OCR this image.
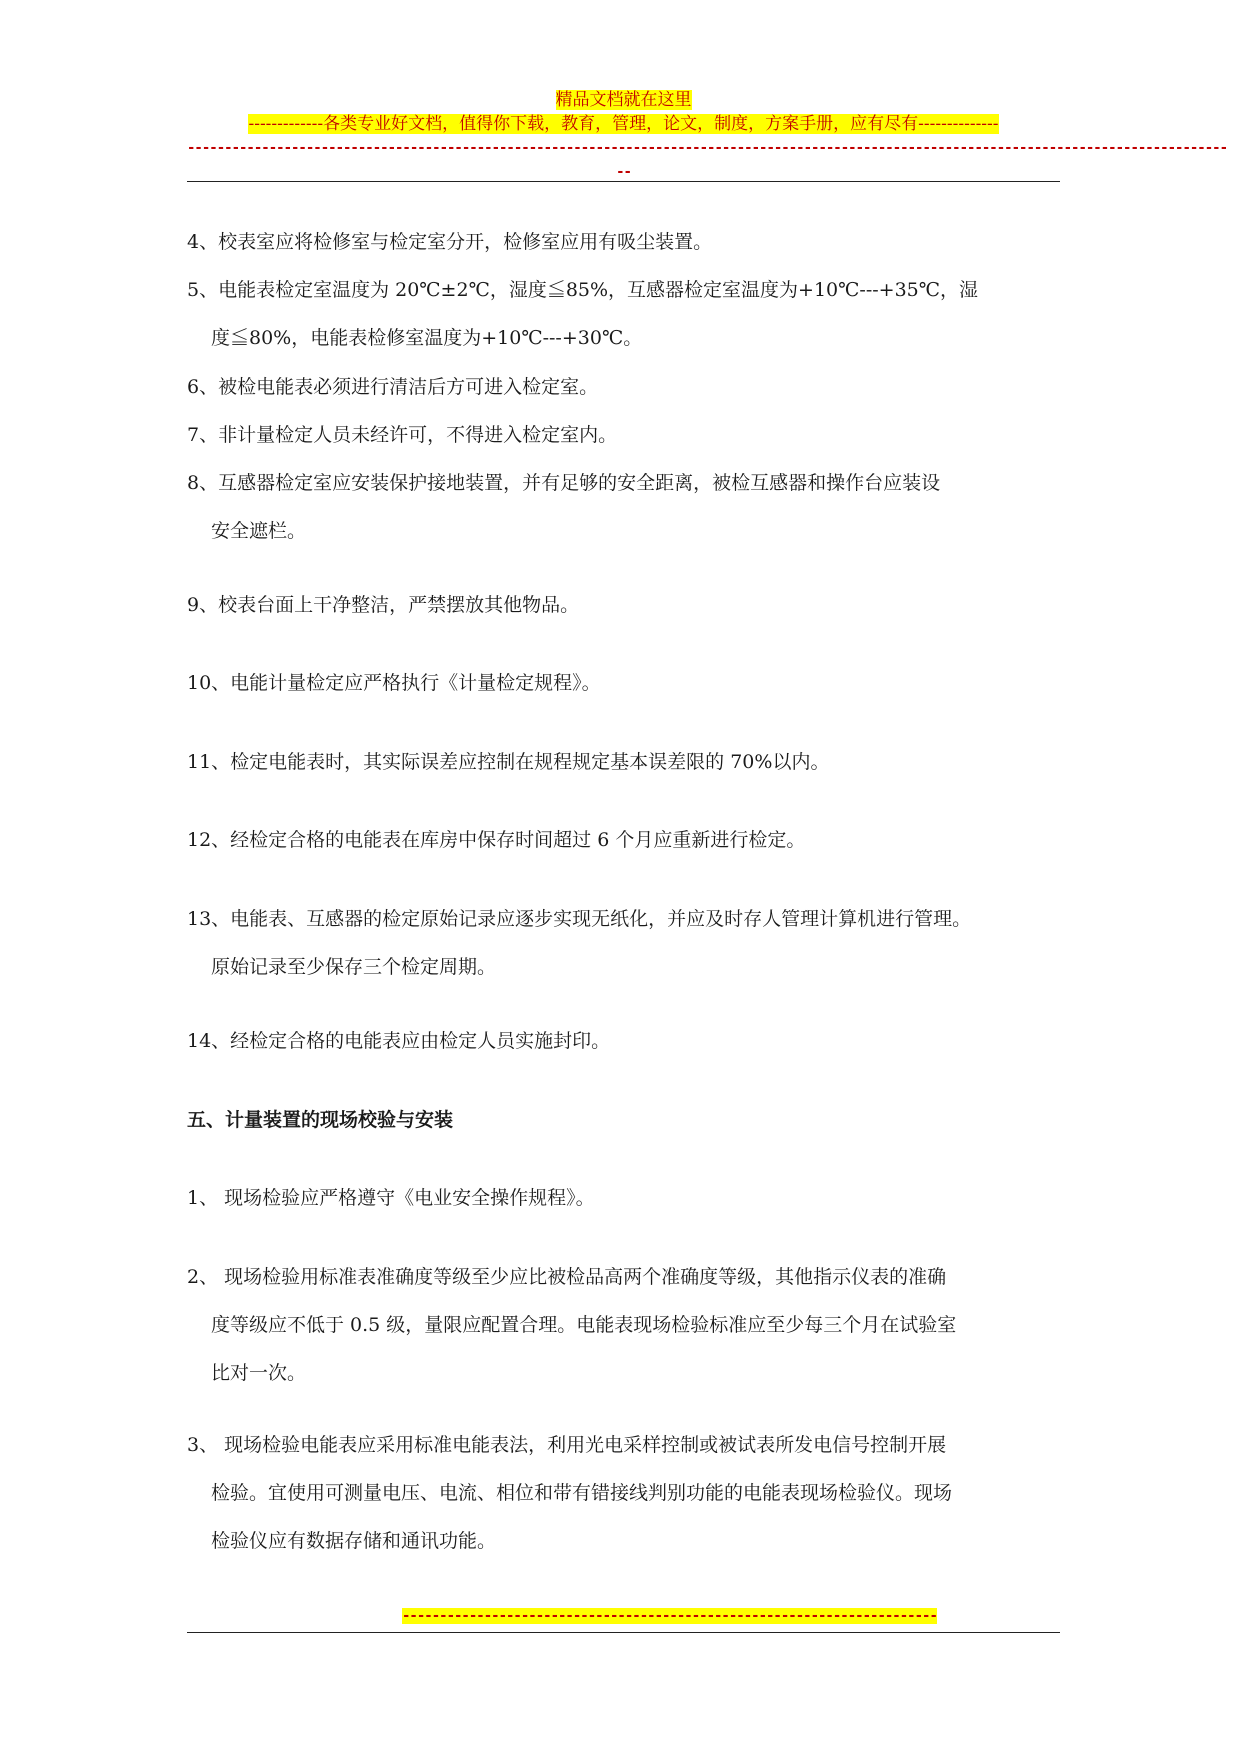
精品文档就在这里
-------------各类专业好文档，值得你下载，教育，管理，论文，制度，方案手册，应有尽有--------------
--------------------------------------------------------------------------------------------------------------------------------------------
--

4、校表室应将检修室与检定室分开，检修室应用有吸尘装置。

5、电能表检定室温度为 20℃±2℃，湿度≦85%，互感器检定室温度为+10℃---+35℃，湿
度≦80%，电能表检修室温度为+10℃---+30℃。

6、被检电能表必须进行清洁后方可进入检定室。

7、非计量检定人员未经许可，不得进入检定室内。

8、互感器检定室应安装保护接地装置，并有足够的安全距离，被检互感器和操作台应装设
安全遮栏。

9、校表台面上干净整洁，严禁摆放其他物品。

10、电能计量检定应严格执行《计量检定规程》。

11、检定电能表时，其实际误差应控制在规程规定基本误差限的 70%以内。

12、经检定合格的电能表在库房中保存时间超过 6 个月应重新进行检定。

13、电能表、互感器的检定原始记录应逐步实现无纸化，并应及时存人管理计算机进行管理。
原始记录至少保存三个检定周期。

14、经检定合格的电能表应由检定人员实施封印。

五、计量装置的现场校验与安装

1、 现场检验应严格遵守《电业安全操作规程》。

2、 现场检验用标准表准确度等级至少应比被检品高两个准确度等级，其他指示仪表的准确
度等级应不低于 0.5 级，量限应配置合理。电能表现场检验标准应至少每三个月在试验室
比对一次。

3、 现场检验电能表应采用标准电能表法，利用光电采样控制或被试表所发电信号控制开展
检验。宜使用可测量电压、电流、相位和带有错接线判别功能的电能表现场检验仪。现场
检验仪应有数据存储和通讯功能。

------------------------------------------------------------------------
